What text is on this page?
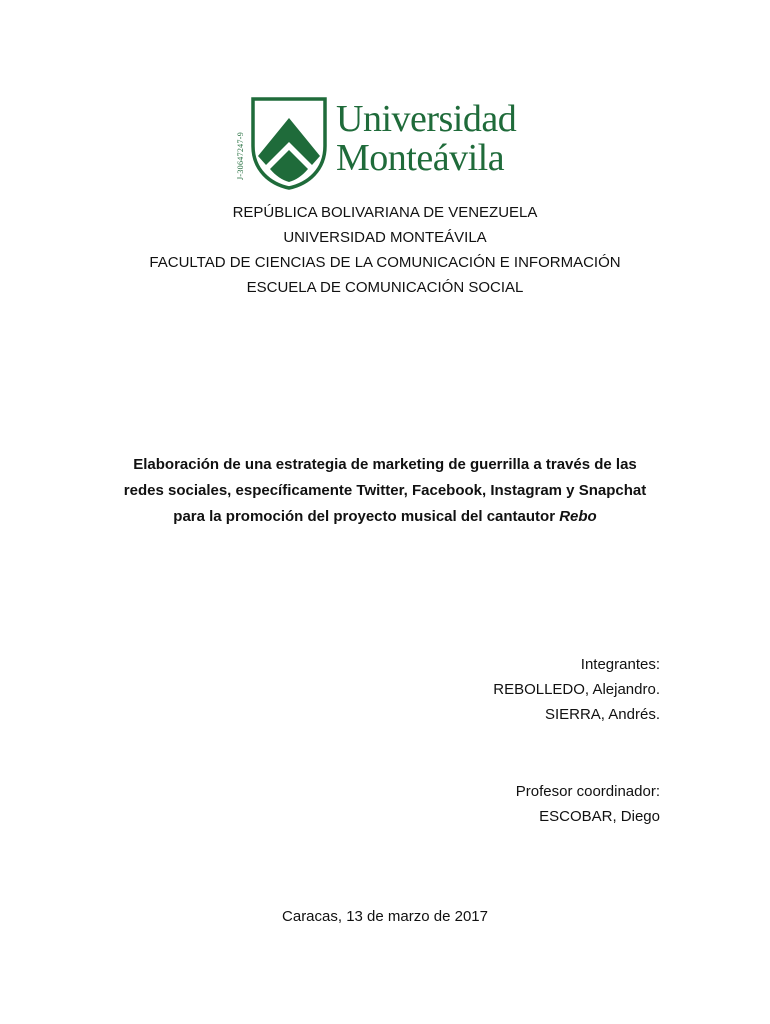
J-30647247-9
Universidad
Monteávila
REPÚBLICA BOLIVARIANA DE VENEZUELA
UNIVERSIDAD MONTEÁVILA
FACULTAD DE CIENCIAS DE LA COMUNICACIÓN E INFORMACIÓN
ESCUELA DE COMUNICACIÓN SOCIAL
Elaboración de una estrategia de marketing de guerrilla a través de las
redes sociales, específicamente Twitter, Facebook, Instagram y Snapchat
para la promoción del proyecto musical del cantautor Rebo
Integrantes:
REBOLLEDO, Alejandro.
SIERRA, Andrés.
Profesor coordinador:
ESCOBAR, Diego
Caracas, 13 de marzo de 2017
